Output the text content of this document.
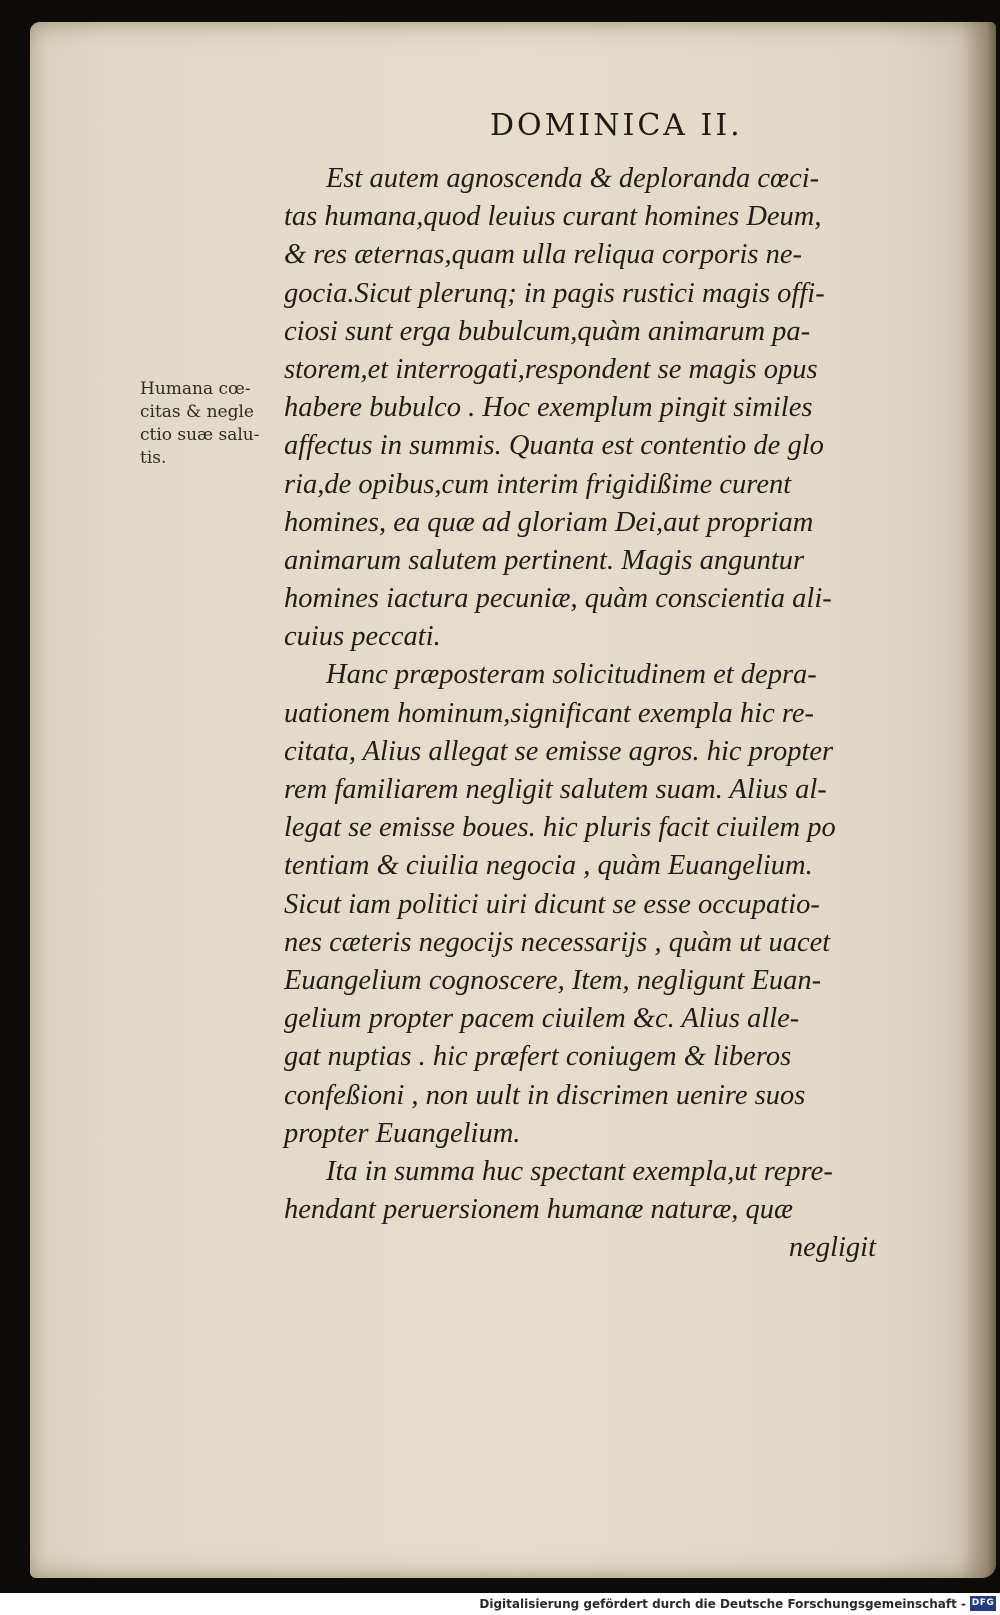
DOMINICA II.
Humana cœ-
citas & negle
ctio suæ salu-
tis.
Est autem agnoscenda & deploranda cœci-
tas humana,quod leuius curant homines Deum,
& res æternas,quam ulla reliqua corporis ne-
gocia.Sicut plerunq; in pagis rustici magis offi-
ciosi sunt erga bubulcum,quàm animarum pa-
storem,et interrogati,respondent se magis opus
habere bubulco . Hoc exemplum pingit similes
affectus in summis. Quanta est contentio de glo
ria,de opibus,cum interim frigidißime curent
homines, ea quæ ad gloriam Dei,aut propriam
animarum salutem pertinent. Magis anguntur
homines iactura pecuniæ, quàm conscientia ali-
cuius peccati.
Hanc præposteram solicitudinem et depra-
uationem hominum,significant exempla hic re-
citata, Alius allegat se emisse agros. hic propter
rem familiarem negligit salutem suam. Alius al-
legat se emisse boues. hic pluris facit ciuilem po
tentiam & ciuilia negocia , quàm Euangelium.
Sicut iam politici uiri dicunt se esse occupatio-
nes cæteris negocijs necessarijs , quàm ut uacet
Euangelium cognoscere, Item, negligunt Euan-
gelium propter pacem ciuilem &c. Alius alle-
gat nuptias . hic præfert coniugem & liberos
confeßioni , non uult in discrimen uenire suos
propter Euangelium.
Ita in summa huc spectant exempla,ut repre-
hendant peruersionem humanæ naturæ, quæ
negligit
Digitalisierung gefördert durch die Deutsche Forschungsgemeinschaft - DFG
